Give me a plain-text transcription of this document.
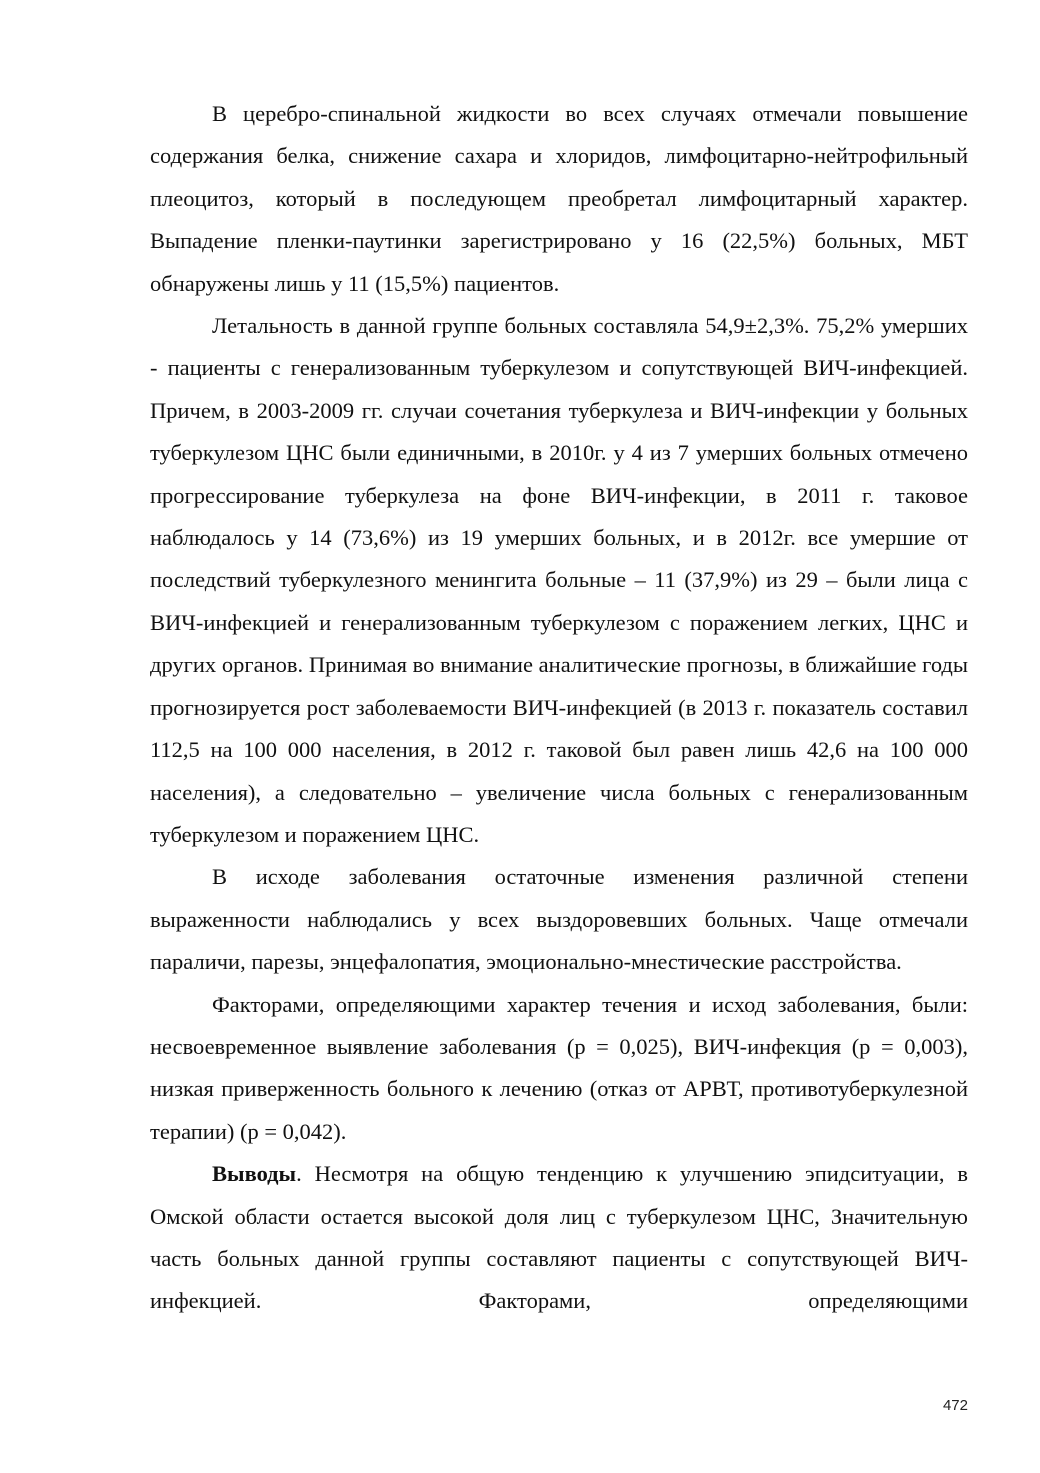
В церебро-спинальной жидкости во всех случаях отмечали повышение содержания белка, снижение сахара и хлоридов, лимфоцитарно-нейтрофильный плеоцитоз, который в последующем преобретал лимфоцитарный характер. Выпадение пленки-паутинки зарегистрировано у 16 (22,5%) больных, МБТ обнаружены лишь у 11 (15,5%) пациентов.

Летальность в данной группе больных составляла 54,9±2,3%. 75,2% умерших - пациенты с генерализованным туберкулезом и сопутствующей ВИЧ-инфекцией. Причем, в 2003-2009 гг. случаи сочетания туберкулеза и ВИЧ-инфекции у больных туберкулезом ЦНС были единичными, в 2010г. у 4 из 7 умерших больных отмечено прогрессирование туберкулеза на фоне ВИЧ-инфекции, в 2011 г. таковое наблюдалось у 14 (73,6%) из 19 умерших больных, и в 2012г. все умершие от последствий туберкулезного менингита больные – 11 (37,9%) из 29 – были лица с ВИЧ-инфекцией и генерализованным туберкулезом с поражением легких, ЦНС и других органов. Принимая во внимание аналитические прогнозы, в ближайшие годы прогнозируется рост заболеваемости ВИЧ-инфекцией (в 2013 г. показатель составил 112,5 на 100 000 населения, в 2012 г. таковой был равен лишь 42,6 на 100 000 населения), а следовательно – увеличение числа больных с генерализованным туберкулезом и поражением ЦНС.

В исходе заболевания остаточные изменения различной степени выраженности наблюдались у всех выздоровевших больных. Чаще отмечали параличи, парезы, энцефалопатия, эмоционально-мнестические расстройства.

Факторами, определяющими характер течения и исход заболевания, были: несвоевременное выявление заболевания (р = 0,025), ВИЧ-инфекция (р = 0,003), низкая приверженность больного к лечению (отказ от АРВТ, противотуберкулезной терапии) (р = 0,042).

Выводы. Несмотря на общую тенденцию к улучшению эпидситуации, в Омской области остается высокой доля лиц с туберкулезом ЦНС, Значительную часть больных данной группы составляют пациенты с сопутствующей ВИЧ-инфекцией. Факторами, определяющими

472
